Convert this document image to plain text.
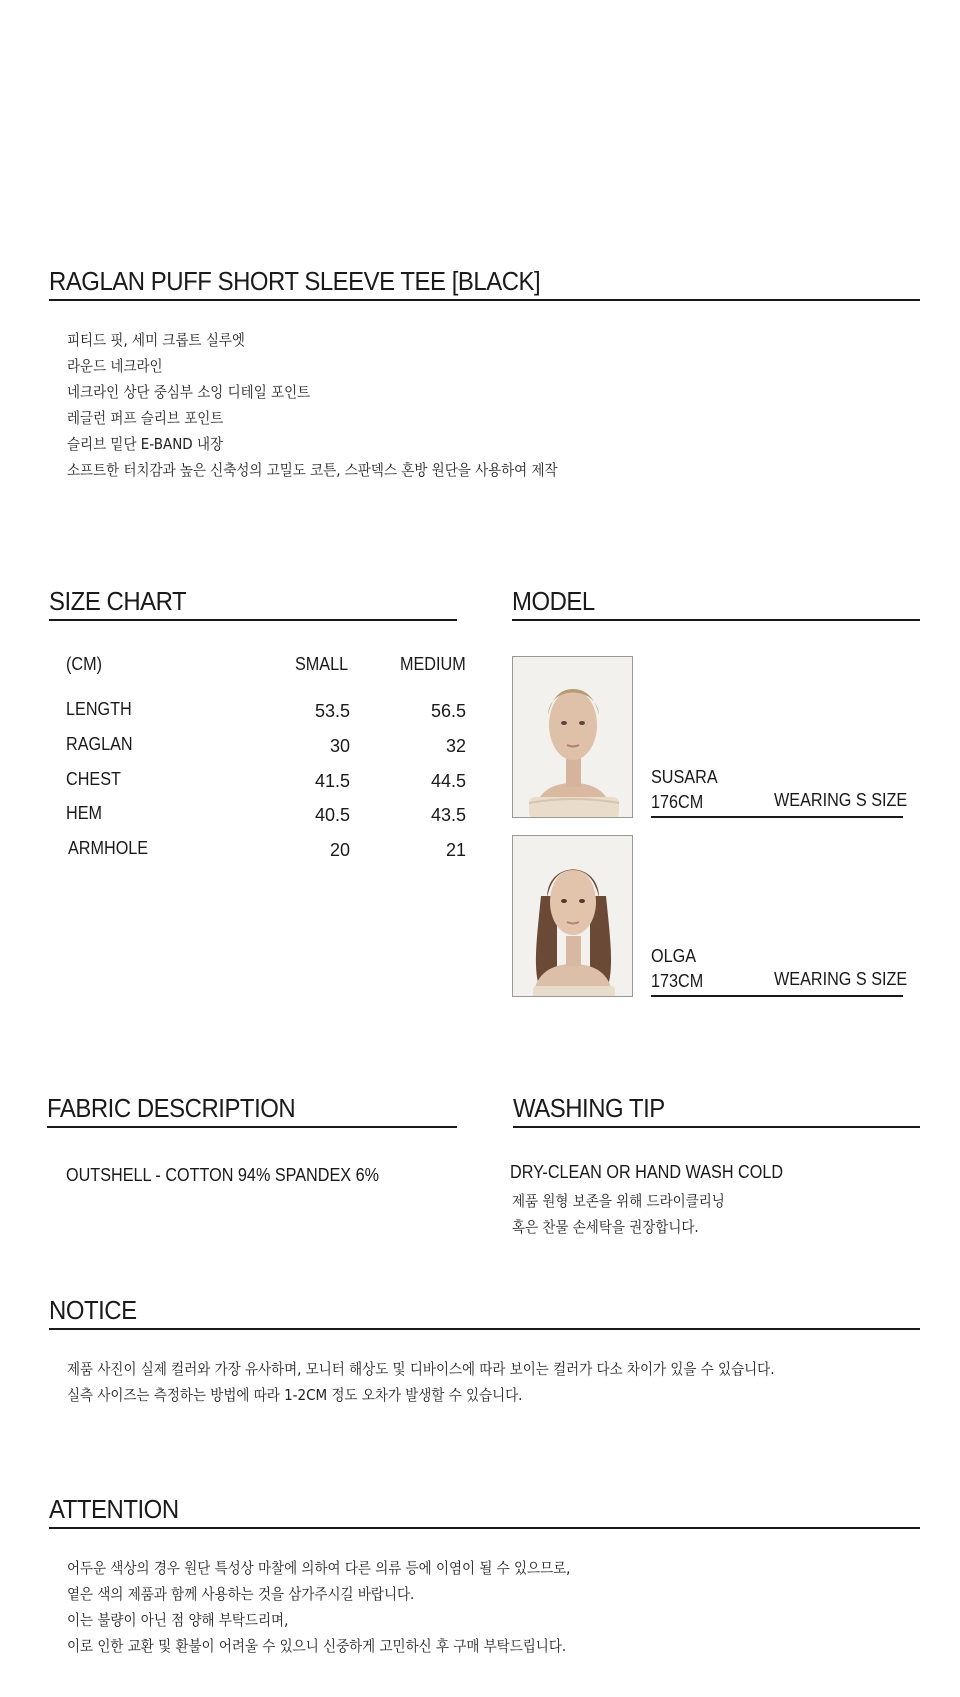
RAGLAN PUFF SHORT SLEEVE TEE [BLACK]
피티드 핏, 세미 크롭트 실루엣
라운드 네크라인
네크라인 상단 중심부 소잉 디테일 포인트
레글런 퍼프 슬리브 포인트
슬리브 밑단 E-BAND 내장
소프트한 터치감과 높은 신축성의 고밀도 코튼, 스판덱스 혼방 원단을 사용하여 제작
SIZE CHART
(CM)	SMALL	MEDIUM
LENGTH	53.5	56.5
RAGLAN	30	32
CHEST	41.5	44.5
HEM	40.5	43.5
ARMHOLE	20	21
MODEL
SUSARA
176CM	WEARING S SIZE
OLGA
173CM	WEARING S SIZE
FABRIC DESCRIPTION
OUTSHELL - COTTON 94% SPANDEX 6%
WASHING TIP
DRY-CLEAN OR HAND WASH COLD
제품 원형 보존을 위해 드라이클리닝
혹은 찬물 손세탁을 권장합니다.
NOTICE
제품 사진이 실제 컬러와 가장 유사하며, 모니터 해상도 및 디바이스에 따라 보이는 컬러가 다소 차이가 있을 수 있습니다.
실측 사이즈는 측정하는 방법에 따라 1-2CM 정도 오차가 발생할 수 있습니다.
ATTENTION
어두운 색상의 경우 원단 특성상 마찰에 의하여 다른 의류 등에 이염이 될 수 있으므로,
옅은 색의 제품과 함께 사용하는 것을 삼가주시길 바랍니다.
이는 불량이 아닌 점 양해 부탁드리며,
이로 인한 교환 및 환불이 어려울 수 있으니 신중하게 고민하신 후 구매 부탁드립니다.
